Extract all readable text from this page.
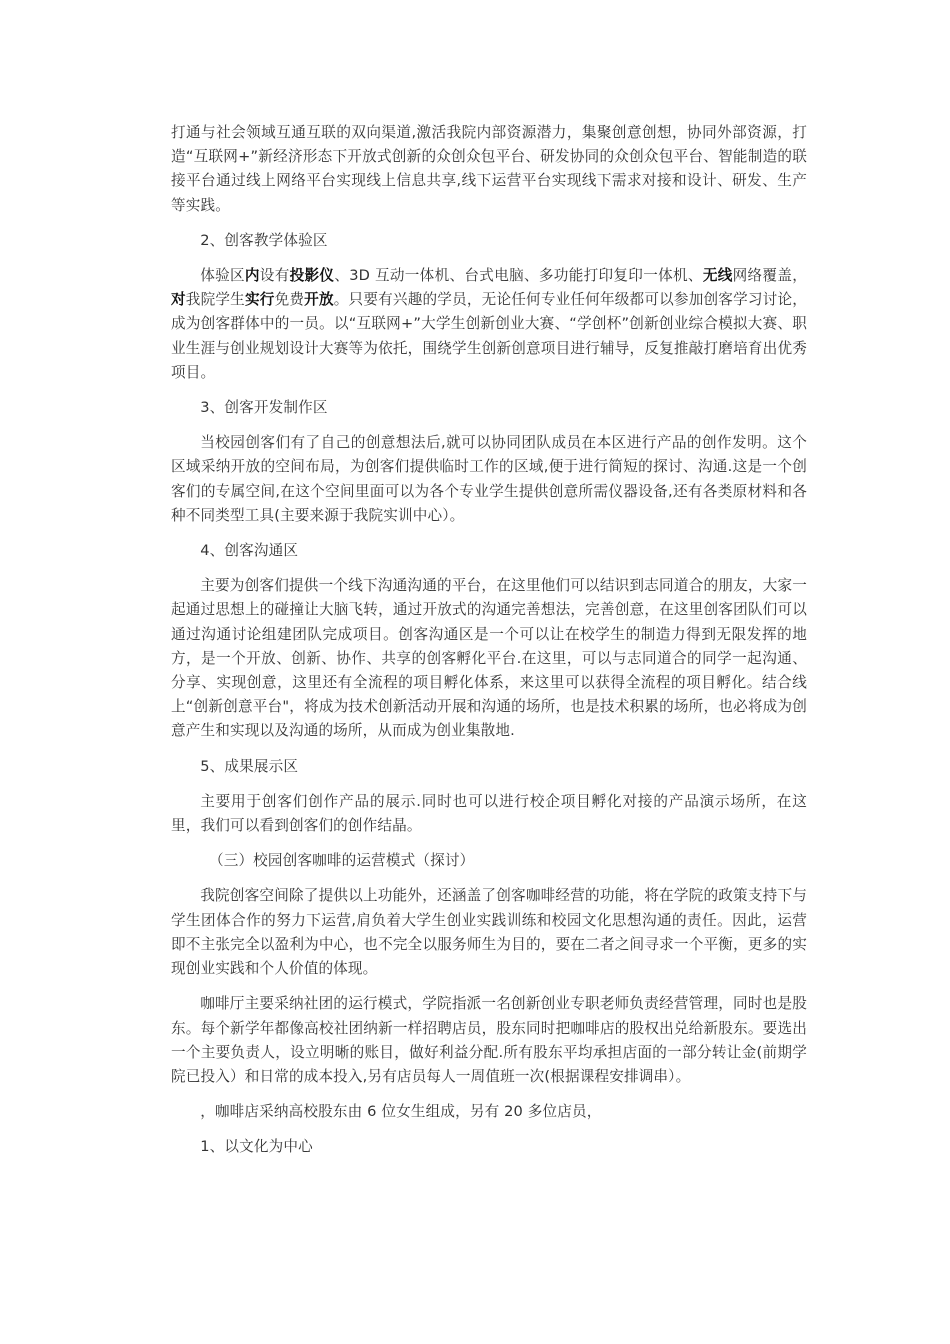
打通与社会领域互通互联的双向渠道,激活我院内部资源潜力，集聚创意创想，协同外部资源，打造“互联网+”新经济形态下开放式创新的众创众包平台、研发协同的众创众包平台、智能制造的联接平台通过线上网络平台实现线上信息共享,线下运营平台实现线下需求对接和设计、研发、生产等实践。

2、创客教学体验区

体验区内设有投影仪、3D 互动一体机、台式电脑、多功能打印复印一体机、无线网络覆盖，对我院学生实行免费开放。只要有兴趣的学员，无论任何专业任何年级都可以参加创客学习讨论，成为创客群体中的一员。以“互联网+”大学生创新创业大赛、“学创杯”创新创业综合模拟大赛、职业生涯与创业规划设计大赛等为依托，围绕学生创新创意项目进行辅导，反复推敲打磨培育出优秀项目。

3、创客开发制作区

当校园创客们有了自己的创意想法后,就可以协同团队成员在本区进行产品的创作发明。这个区域采纳开放的空间布局，为创客们提供临时工作的区域,便于进行简短的探讨、沟通.这是一个创客们的专属空间,在这个空间里面可以为各个专业学生提供创意所需仪器设备,还有各类原材料和各种不同类型工具(主要来源于我院实训中心）。

4、创客沟通区

主要为创客们提供一个线下沟通沟通的平台，在这里他们可以结识到志同道合的朋友，大家一起通过思想上的碰撞让大脑飞转，通过开放式的沟通完善想法，完善创意，在这里创客团队们可以通过沟通讨论组建团队完成项目。创客沟通区是一个可以让在校学生的制造力得到无限发挥的地方，是一个开放、创新、协作、共享的创客孵化平台.在这里，可以与志同道合的同学一起沟通、分享、实现创意，这里还有全流程的项目孵化体系，来这里可以获得全流程的项目孵化。结合线上“创新创意平台"，将成为技术创新活动开展和沟通的场所，也是技术积累的场所，也必将成为创意产生和实现以及沟通的场所，从而成为创业集散地.

5、成果展示区

主要用于创客们创作产品的展示.同时也可以进行校企项目孵化对接的产品演示场所，在这里，我们可以看到创客们的创作结晶。

（三）校园创客咖啡的运营模式（探讨）

我院创客空间除了提供以上功能外，还涵盖了创客咖啡经营的功能，将在学院的政策支持下与学生团体合作的努力下运营,肩负着大学生创业实践训练和校园文化思想沟通的责任。因此，运营即不主张完全以盈利为中心，也不完全以服务师生为目的，要在二者之间寻求一个平衡，更多的实现创业实践和个人价值的体现。

咖啡厅主要采纳社团的运行模式，学院指派一名创新创业专职老师负责经营管理，同时也是股东。每个新学年都像高校社团纳新一样招聘店员，股东同时把咖啡店的股权出兑给新股东。要选出一个主要负责人，设立明晰的账目，做好利益分配.所有股东平均承担店面的一部分转让金(前期学院已投入）和日常的成本投入,另有店员每人一周值班一次(根据课程安排调串）。

，咖啡店采纳高校股东由 6 位女生组成，另有 20 多位店员，

1、以文化为中心
